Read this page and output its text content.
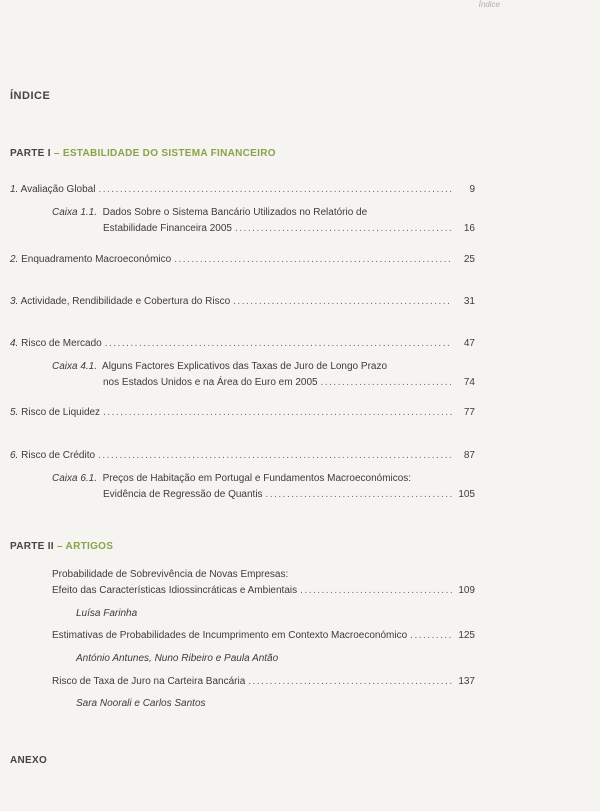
Índice
ÍNDICE
PARTE I – ESTABILIDADE DO SISTEMA FINANCEIRO
1. Avaliação Global .....	9
Caixa 1.1. Dados Sobre o Sistema Bancário Utilizados no Relatório de
Estabilidade Financeira 2005 .....	16
2. Enquadramento Macroeconómico .....	25
3. Actividade, Rendibilidade e Cobertura do Risco .....	31
4. Risco de Mercado .....	47
Caixa 4.1. Alguns Factores Explicativos das Taxas de Juro de Longo Prazo
nos Estados Unidos e na Área do Euro em 2005 .....	74
5. Risco de Liquidez .....	77
6. Risco de Crédito .....	87
Caixa 6.1. Preços de Habitação em Portugal e Fundamentos Macroeconómicos:
Evidência de Regressão de Quantis .....	105
PARTE II – ARTIGOS
Probabilidade de Sobrevivência de Novas Empresas:
Efeito das Características Idiossincráticas e Ambientais .....	109
Luísa Farinha
Estimativas de Probabilidades de Incumprimento em Contexto Macroeconómico .....	125
António Antunes, Nuno Ribeiro e Paula Antão
Risco de Taxa de Juro na Carteira Bancária .....	137
Sara Noorali e Carlos Santos
ANEXO
